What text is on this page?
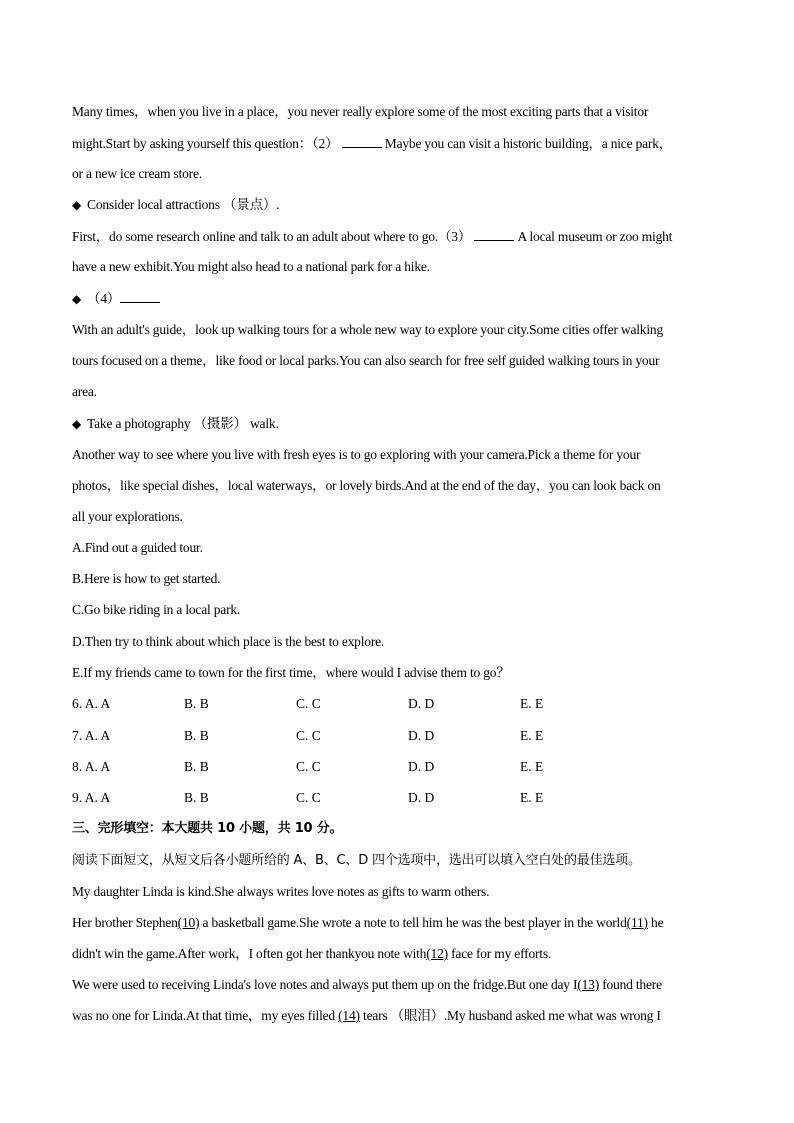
Many times，when you live in a place，you never really explore some of the most exciting parts that a visitor
might.Start by asking yourself this question：（2）	Maybe you can visit a historic building，a nice park，
or a new ice cream store.
◆ Consider local attractions （景点）.
First，do some research online and talk to an adult about where to go.（3）	A local museum or zoo might
have a new exhibit.You might also head to a national park for a hike.
◆ （4）
With an adult's guide，look up walking tours for a whole new way to explore your city.Some cities offer walking
tours focused on a theme，like food or local parks.You can also search for free self guided walking tours in your
area.
◆ Take a photography （摄影） walk.
Another way to see where you live with fresh eyes is to go exploring with your camera.Pick a theme for your
photos，like special dishes，local waterways，or lovely birds.And at the end of the day，you can look back on
all your explorations.
A.Find out a guided tour.
B.Here is how to get started.
C.Go bike riding in a local park.
D.Then try to think about which place is the best to explore.
E.If my friends came to town for the first time，where would I advise them to go？
6. A. A	B. B	C. C	D. D	E. E
7. A. A	B. B	C. C	D. D	E. E
8. A. A	B. B	C. C	D. D	E. E
9. A. A	B. B	C. C	D. D	E. E
三、完形填空：本大题共 10 小题，共 10 分。
阅读下面短文，从短文后各小题所给的 A、B、C、D 四个选项中，选出可以填入空白处的最佳选项。
My daughter Linda is kind.She always writes love notes as gifts to warm others.
Her brother Stephen(10) a basketball game.She wrote a note to tell him he was the best player in the world(11) he
didn't win the game.After work，I often got her thankyou note with(12) face for my efforts.
We were used to receiving Linda's love notes and always put them up on the fridge.But one day I(13) found there
was no one for Linda.At that time，my eyes filled (14) tears （眼泪）.My husband asked me what was wrong I
